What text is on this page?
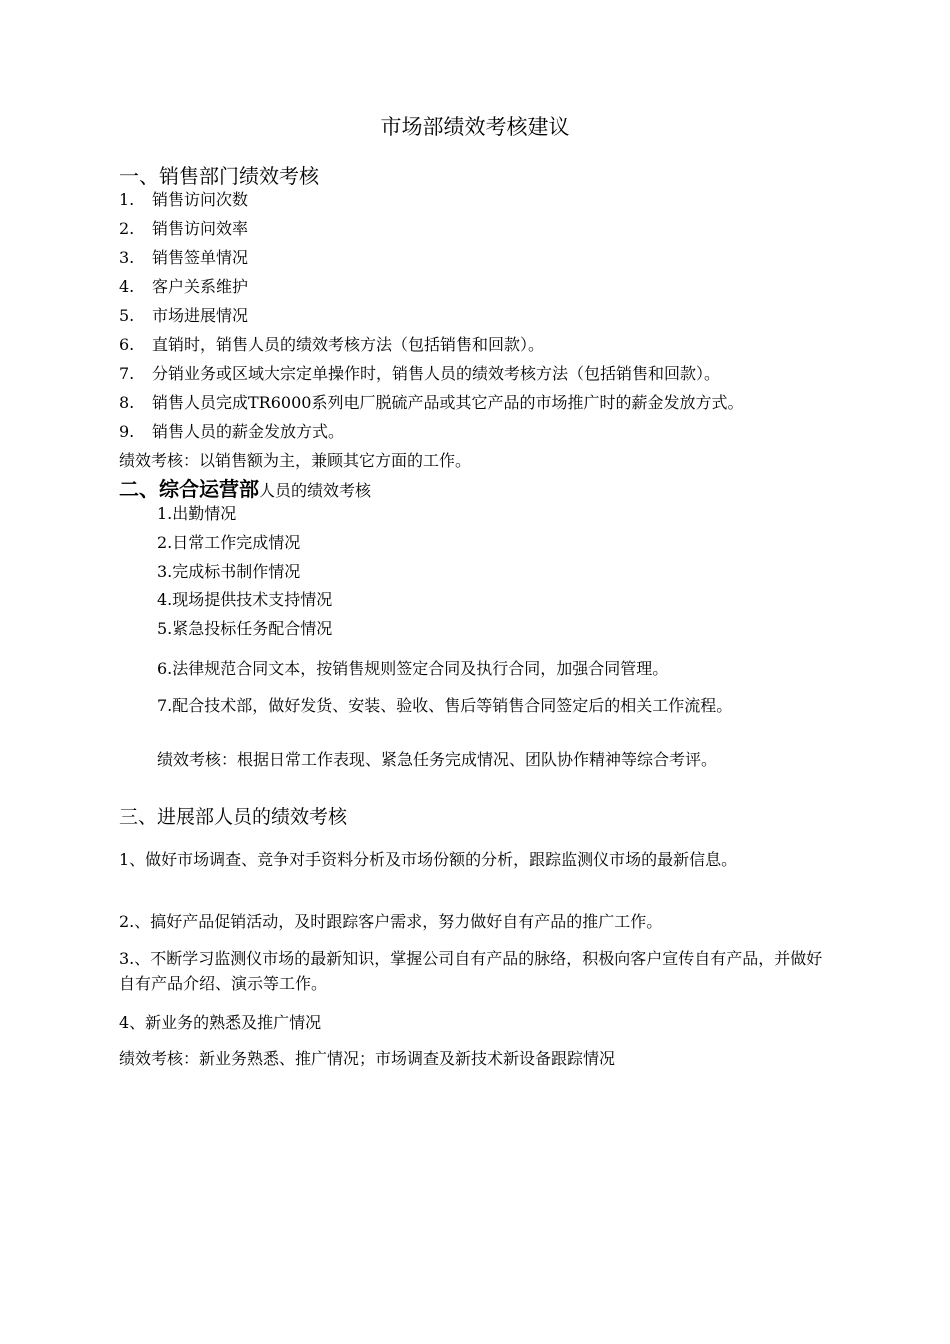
市场部绩效考核建议
一、销售部门绩效考核
1. 销售访问次数
2. 销售访问效率
3. 销售签单情况
4. 客户关系维护
5. 市场进展情况
6. 直销时，销售人员的绩效考核方法（包括销售和回款）。
7. 分销业务或区域大宗定单操作时，销售人员的绩效考核方法（包括销售和回款）。
8. 销售人员完成TR6000系列电厂脱硫产品或其它产品的市场推广时的薪金发放方式。
9. 销售人员的薪金发放方式。
绩效考核：以销售额为主，兼顾其它方面的工作。
二、综合运营部人员的绩效考核
1.出勤情况
2.日常工作完成情况
3.完成标书制作情况
4.现场提供技术支持情况
5.紧急投标任务配合情况
6.法律规范合同文本，按销售规则签定合同及执行合同，加强合同管理。
7.配合技术部，做好发货、安装、验收、售后等销售合同签定后的相关工作流程。
绩效考核：根据日常工作表现、紧急任务完成情况、团队协作精神等综合考评。
三、进展部人员的绩效考核
1、做好市场调查、竞争对手资料分析及市场份额的分析，跟踪监测仪市场的最新信息。
2.、搞好产品促销活动，及时跟踪客户需求，努力做好自有产品的推广工作。
3.、不断学习监测仪市场的最新知识，掌握公司自有产品的脉络，积极向客户宣传自有产品，并做好自有产品介绍、演示等工作。
4、新业务的熟悉及推广情况
绩效考核：新业务熟悉、推广情况；市场调查及新技术新设备跟踪情况
